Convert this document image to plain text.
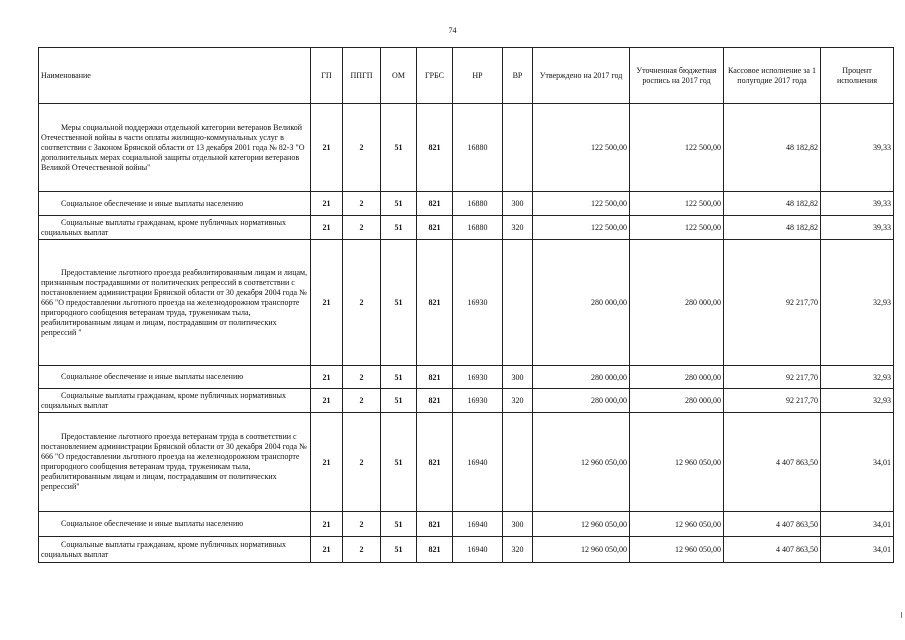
74
Наименование	ГП	ППГП	ОМ	ГРБС	НР	ВР	Утверждено на 2017 год	Уточненная бюджетная роспись на 2017 год	Кассовое исполнение за 1 полугодие 2017 года	Процент исполнения

Меры социальной поддержки отдельной категории ветеранов Великой Отечественной войны в части оплаты жилищно-коммунальных услуг в соответствии с Законом Брянской области от 13 декабря 2001 года № 82-З "О дополнительных мерах социальной защиты отдельной категории ветеранов Великой Отечественной войны"	21	2	51	821	16880		122 500,00	122 500,00	48 182,82	39,33

Социальное обеспечение и иные выплаты населению	21	2	51	821	16880	300	122 500,00	122 500,00	48 182,82	39,33

Социальные выплаты гражданам, кроме публичных нормативных социальных выплат	21	2	51	821	16880	320	122 500,00	122 500,00	48 182,82	39,33

Предоставление льготного проезда реабилитированным лицам и лицам, признанным пострадавшими от политических репрессий в соответствии с постановлением администрации Брянской области от 30 декабря 2004 года № 666 "О предоставлении льготного проезда на железнодорожном транспорте пригородного сообщения ветеранам труда, труженикам тыла, реабилитированным лицам и лицам, пострадавшим от политических репрессий "	21	2	51	821	16930		280 000,00	280 000,00	92 217,70	32,93

Социальное обеспечение и иные выплаты населению	21	2	51	821	16930	300	280 000,00	280 000,00	92 217,70	32,93

Социальные выплаты гражданам, кроме публичных нормативных социальных выплат	21	2	51	821	16930	320	280 000,00	280 000,00	92 217,70	32,93

Предоставление льготного проезда ветеранам труда в соответствии с постановлением администрации Брянской области от 30 декабря 2004 года № 666 "О предоставлении льготного проезда на железнодорожном транспорте пригородного сообщения ветеранам труда, труженикам тыла, реабилитированным лицам и лицам, пострадавшим от политических репрессий"	21	2	51	821	16940		12 960 050,00	12 960 050,00	4 407 863,50	34,01

Социальное обеспечение и иные выплаты населению	21	2	51	821	16940	300	12 960 050,00	12 960 050,00	4 407 863,50	34,01

Социальные выплаты гражданам, кроме публичных нормативных социальных выплат	21	2	51	821	16940	320	12 960 050,00	12 960 050,00	4 407 863,50	34,01
